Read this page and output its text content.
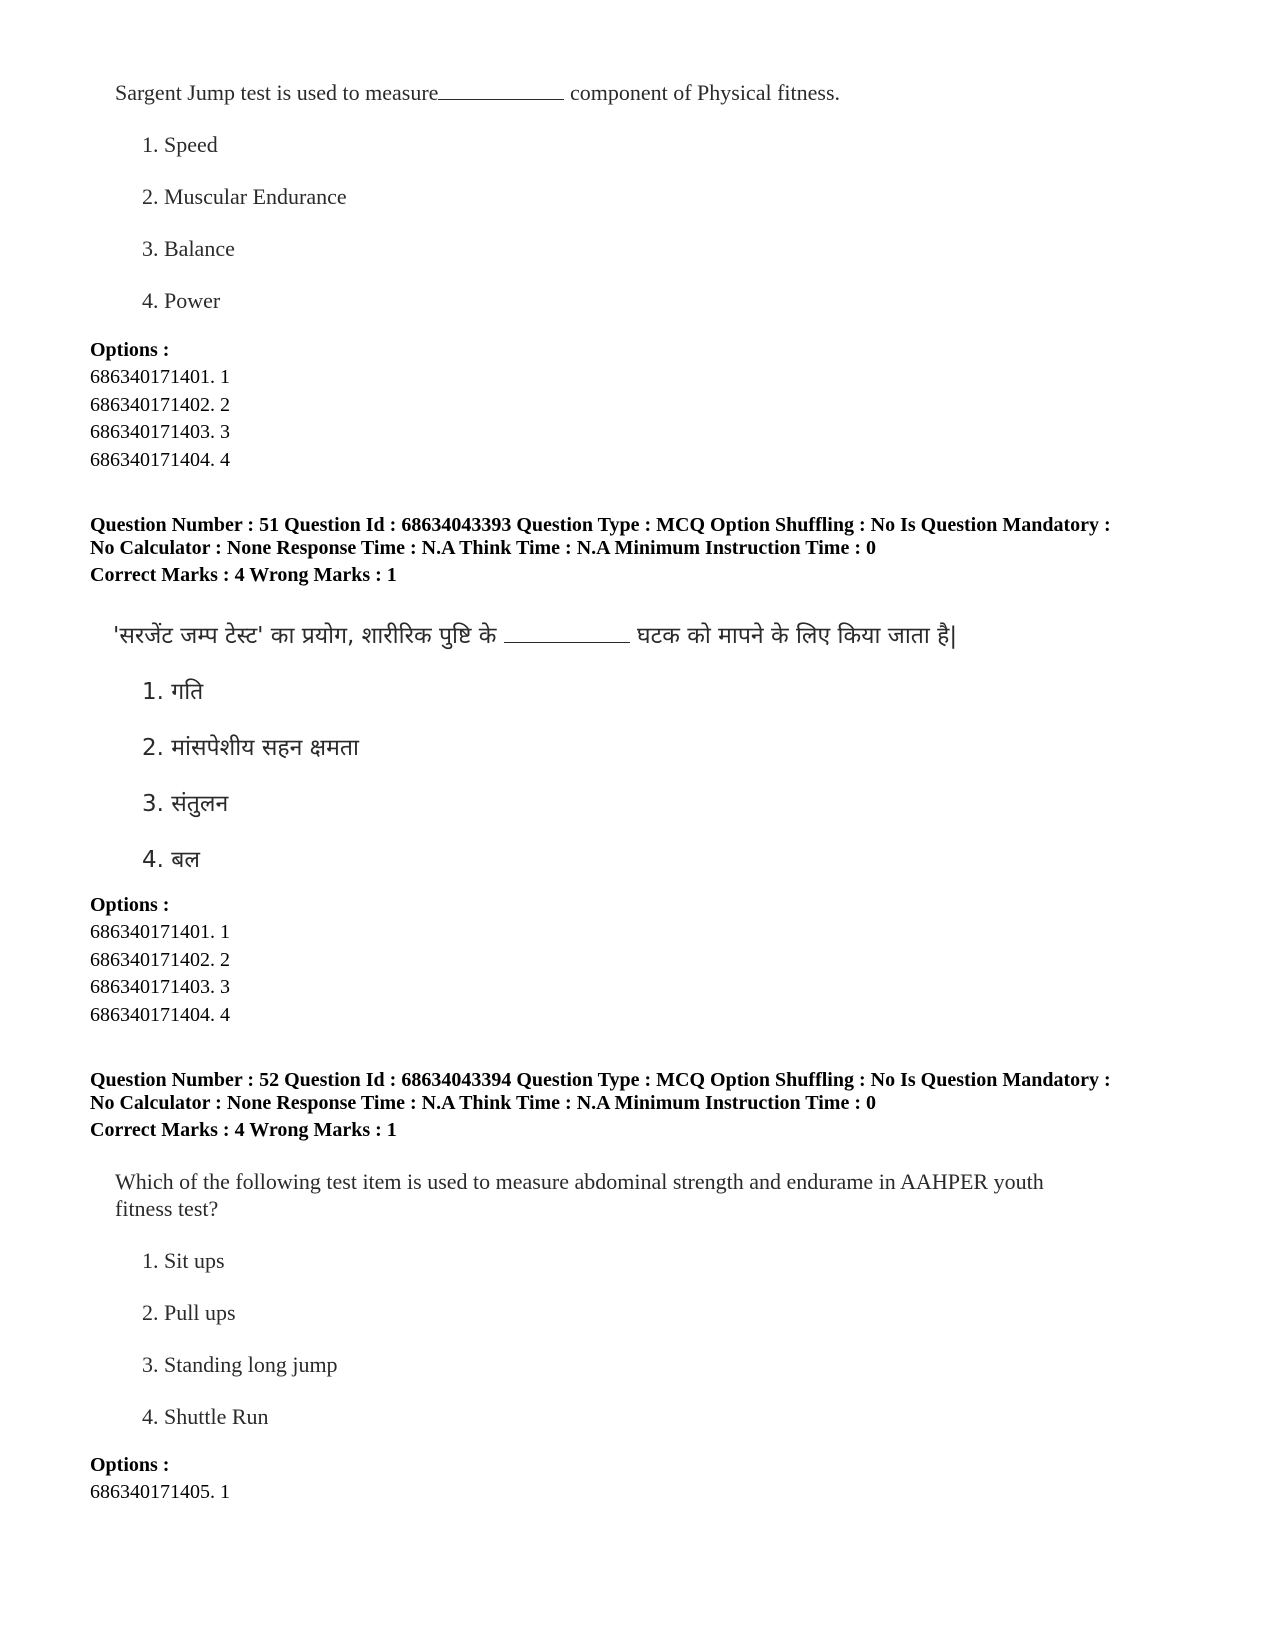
Sargent Jump test is used to measure	component of Physical fitness.
1. Speed
2. Muscular Endurance
3. Balance
4. Power
Options :
686340171401. 1
686340171402. 2
686340171403. 3
686340171404. 4
Question Number : 51 Question Id : 68634043393 Question Type : MCQ Option Shuffling : No Is Question Mandatory :
No Calculator : None Response Time : N.A Think Time : N.A Minimum Instruction Time : 0
Correct Marks : 4 Wrong Marks : 1
'सरजेंट जम्प टेस्ट' का प्रयोग, शारीरिक पुष्टि के	घटक को मापने के लिए किया जाता है|
1. गति
2. मांसपेशीय सहन क्षमता
3. संतुलन
4. बल
Options :
686340171401. 1
686340171402. 2
686340171403. 3
686340171404. 4
Question Number : 52 Question Id : 68634043394 Question Type : MCQ Option Shuffling : No Is Question Mandatory :
No Calculator : None Response Time : N.A Think Time : N.A Minimum Instruction Time : 0
Correct Marks : 4 Wrong Marks : 1
Which of the following test item is used to measure abdominal strength and endurame in AAHPER youth
fitness test?
1. Sit ups
2. Pull ups
3. Standing long jump
4. Shuttle Run
Options :
686340171405. 1
